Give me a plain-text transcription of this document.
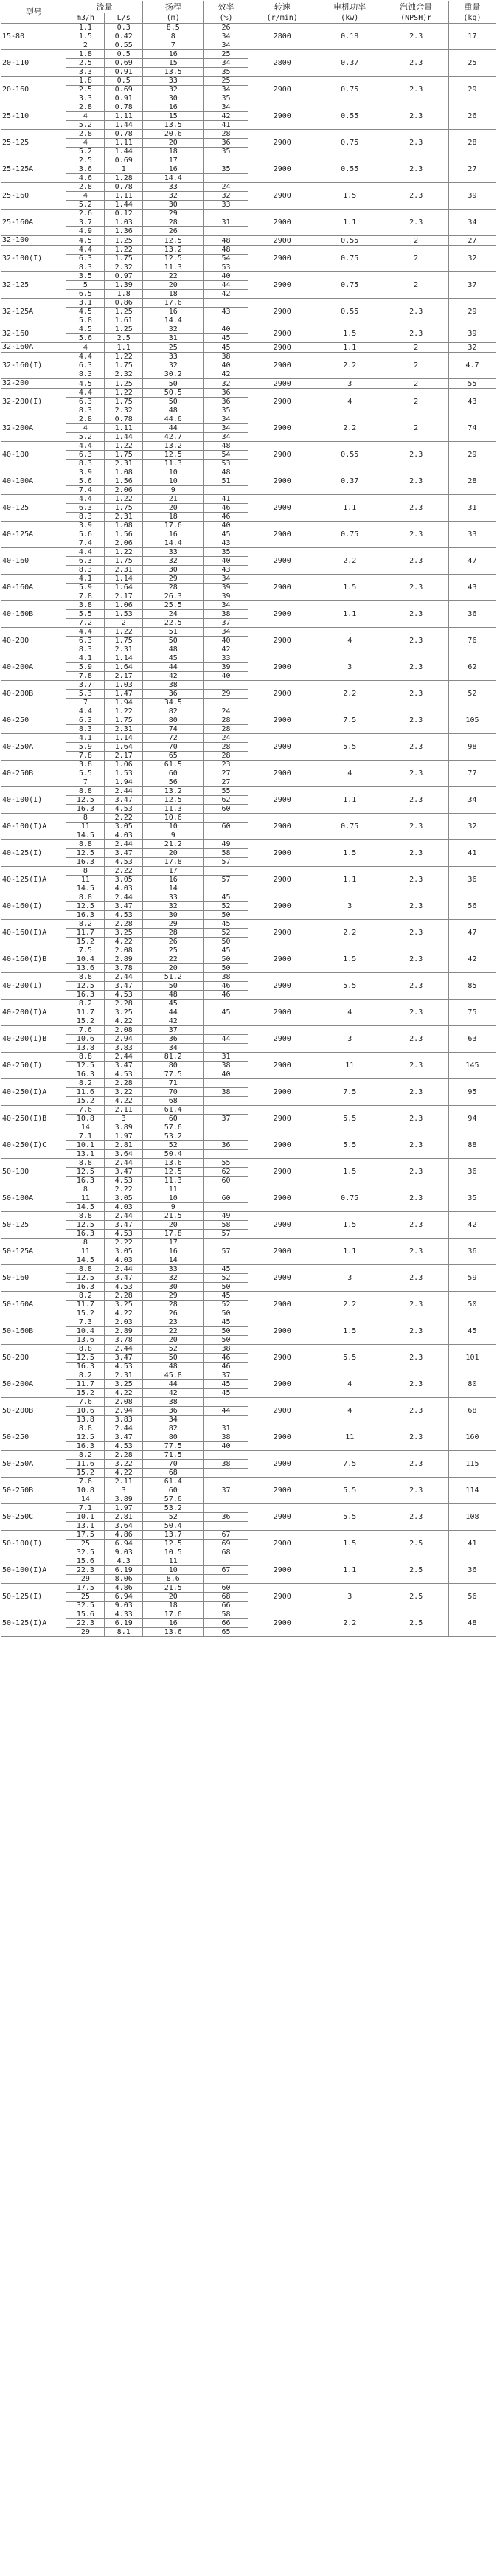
型号	流量		扬程	效率	转速	电机功率	汽蚀余量	重量
	m3/h	L/s	(m)	(%)	(r/min)	(kw)	(NPSH)r	(kg)
15-80	1.1	0.3	8.5	26	2800	0.18	2.3	17
	1.5	0.42	8	34				
	2	0.55	7	34				
20-110	1.8	0.5	16	25	2800	0.37	2.3	25
	2.5	0.69	15	34				
	3.3	0.91	13.5	35				
20-160	1.8	0.5	33	25	2900	0.75	2.3	29
	2.5	0.69	32	34				
	3.3	0.91	30	35				
25-110	2.8	0.78	16	34	2900	0.55	2.3	26
	4	1.11	15	42				
	5.2	1.44	13.5	41				
25-125	2.8	0.78	20.6	28	2900	0.75	2.3	28
	4	1.11	20	36				
	5.2	1.44	18	35				
25-125A	2.5	0.69	17		2900	0.55	2.3	27
	3.6	1	16	35				
	4.6	1.28	14.4					
25-160	2.8	0.78	33	24	2900	1.5	2.3	39
	4	1.11	32	32				
	5.2	1.44	30	33				
25-160A	2.6	0.12	29		2900	1.1	2.3	34
	3.7	1.03	28	31				
	4.9	1.36	26					
32-100	4.5	1.25	12.5	48	2900	0.55	2	27
32-100(I)	4.4	1.22	13.2	48	2900	0.75	2	32
	6.3	1.75	12.5	54				
	8.3	2.32	11.3	53				
32-125	3.5	0.97	22	40	2900	0.75	2	37
	5	1.39	20	44				
	6.5	1.8	18	42				
32-125A	3.1	0.86	17.6		2900	0.55	2.3	29
	4.5	1.25	16	43				
	5.8	1.61	14.4					
32-160	4.5	1.25	32	40	2900	1.5	2.3	39
	5.6	2.5	31	45				
32-160A	4	1.1	25	45	2900	1.1	2	32
32-160(I)	4.4	1.22	33	38	2900	2.2	2	4.7
	6.3	1.75	32	40				
	8.3	2.32	30.2	42				
32-200	4.5	1.25	50	32	2900	3	2	55
32-200(I)	4.4	1.22	50.5	36	2900	4	2	43
	6.3	1.75	50	36				
	8.3	2.32	48	35				
32-200A	2.8	0.78	44.6	34	2900	2.2	2	74
	4	1.11	44	34				
	5.2	1.44	42.7	34				
40-100	4.4	1.22	13.2	48	2900	0.55	2.3	29
	6.3	1.75	12.5	54				
	8.3	2.31	11.3	53				
40-100A	3.9	1.08	10	48	2900	0.37	2.3	28
	5.6	1.56	10	51				
	7.4	2.06	9					
40-125	4.4	1.22	21	41	2900	1.1	2.3	31
	6.3	1.75	20	46				
	8.3	2.31	18	46				
40-125A	3.9	1.08	17.6	40	2900	0.75	2.3	33
	5.6	1.56	16	45				
	7.4	2.06	14.4	43				
40-160	4.4	1.22	33	35	2900	2.2	2.3	47
	6.3	1.75	32	40				
	8.3	2.31	30	43				
40-160A	4.1	1.14	29	34	2900	1.5	2.3	43
	5.9	1.64	28	39				
	7.8	2.17	26.3	39				
40-160B	3.8	1.06	25.5	34	2900	1.1	2.3	36
	5.5	1.53	24	38				
	7.2	2	22.5	37				
40-200	4.4	1.22	51	34	2900	4	2.3	76
	6.3	1.75	50	40				
	8.3	2.31	48	42				
40-200A	4.1	1.14	45	33	2900	3	2.3	62
	5.9	1.64	44	39				
	7.8	2.17	42	40				
40-200B	3.7	1.03	38		2900	2.2	2.3	52
	5.3	1.47	36	29				
	7	1.94	34.5					
40-250	4.4	1.22	82	24	2900	7.5	2.3	105
	6.3	1.75	80	28				
	8.3	2.31	74	28				
40-250A	4.1	1.14	72	24	2900	5.5	2.3	98
	5.9	1.64	70	28				
	7.8	2.17	65	28				
40-250B	3.8	1.06	61.5	23	2900	4	2.3	77
	5.5	1.53	60	27				
	7	1.94	56	27				
40-100(I)	8.8	2.44	13.2	55	2900	1.1	2.3	34
	12.5	3.47	12.5	62				
	16.3	4.53	11.3	60				
40-100(I)A	8	2.22	10.6		2900	0.75	2.3	32
	11	3.05	10	60				
	14.5	4.03	9					
40-125(I)	8.8	2.44	21.2	49	2900	1.5	2.3	41
	12.5	3.47	20	58				
	16.3	4.53	17.8	57				
40-125(I)A	8	2.22	17		2900	1.1	2.3	36
	11	3.05	16	57				
	14.5	4.03	14					
40-160(I)	8.8	2.44	33	45	2900	3	2.3	56
	12.5	3.47	32	52				
	16.3	4.53	30	50				
40-160(I)A	8.2	2.28	29	45	2900	2.2	2.3	47
	11.7	3.25	28	52				
	15.2	4.22	26	50				
40-160(I)B	7.5	2.08	25	45	2900	1.5	2.3	42
	10.4	2.89	22	50				
	13.6	3.78	20	50				
40-200(I)	8.8	2.44	51.2	38	2900	5.5	2.3	85
	12.5	3.47	50	46				
	16.3	4.53	48	46				
40-200(I)A	8.2	2.28	45		2900	4	2.3	75
	11.7	3.25	44	45				
	15.2	4.22	42					
40-200(I)B	7.6	2.08	37		2900	3	2.3	63
	10.6	2.94	36	44				
	13.8	3.83	34					
40-250(I)	8.8	2.44	81.2	31	2900	11	2.3	145
	12.5	3.47	80	38				
	16.3	4.53	77.5	40				
40-250(I)A	8.2	2.28	71		2900	7.5	2.3	95
	11.6	3.22	70	38				
	15.2	4.22	68					
40-250(I)B	7.6	2.11	61.4		2900	5.5	2.3	94
	10.8	3	60	37				
	14	3.89	57.6					
40-250(I)C	7.1	1.97	53.2		2900	5.5	2.3	88
	10.1	2.81	52	36				
	13.1	3.64	50.4					
50-100	8.8	2.44	13.6	55	2900	1.5	2.3	36
	12.5	3.47	12.5	62				
	16.3	4.53	11.3	60				
50-100A	8	2.22	11		2900	0.75	2.3	35
	11	3.05	10	60				
	14.5	4.03	9					
50-125	8.8	2.44	21.5	49	2900	1.5	2.3	42
	12.5	3.47	20	58				
	16.3	4.53	17.8	57				
50-125A	8	2.22	17		2900	1.1	2.3	36
	11	3.05	16	57				
	14.5	4.03	14					
50-160	8.8	2.44	33	45	2900	3	2.3	59
	12.5	3.47	32	52				
	16.3	4.53	30	50				
50-160A	8.2	2.28	29	45	2900	2.2	2.3	50
	11.7	3.25	28	52				
	15.2	4.22	26	50				
50-160B	7.3	2.03	23	45	2900	1.5	2.3	45
	10.4	2.89	22	50				
	13.6	3.78	20	50				
50-200	8.8	2.44	52	38	2900	5.5	2.3	101
	12.5	3.47	50	46				
	16.3	4.53	48	46				
50-200A	8.2	2.31	45.8	37	2900	4	2.3	80
	11.7	3.25	44	45				
	15.2	4.22	42	45				
50-200B	7.6	2.08	38		2900	4	2.3	68
	10.6	2.94	36	44				
	13.8	3.83	34					
50-250	8.8	2.44	82	31	2900	11	2.3	160
	12.5	3.47	80	38				
	16.3	4.53	77.5	40				
50-250A	8.2	2.28	71.5		2900	7.5	2.3	115
	11.6	3.22	70	38				
	15.2	4.22	68					
50-250B	7.6	2.11	61.4		2900	5.5	2.3	114
	10.8	3	60	37				
	14	3.89	57.6					
50-250C	7.1	1.97	53.2		2900	5.5	2.3	108
	10.1	2.81	52	36				
	13.1	3.64	50.4					
50-100(I)	17.5	4.86	13.7	67	2900	1.5	2.5	41
	25	6.94	12.5	69				
	32.5	9.03	10.5	68				
50-100(I)A	15.6	4.3	11		2900	1.1	2.5	36
	22.3	6.19	10	67				
	29	8.06	8.6					
50-125(I)	17.5	4.86	21.5	60	2900	3	2.5	56
	25	6.94	20	68				
	32.5	9.03	18	66				
50-125(I)A	15.6	4.33	17.6	58	2900	2.2	2.5	48
	22.3	6.19	16	66				
	29	8.1	13.6	65				
